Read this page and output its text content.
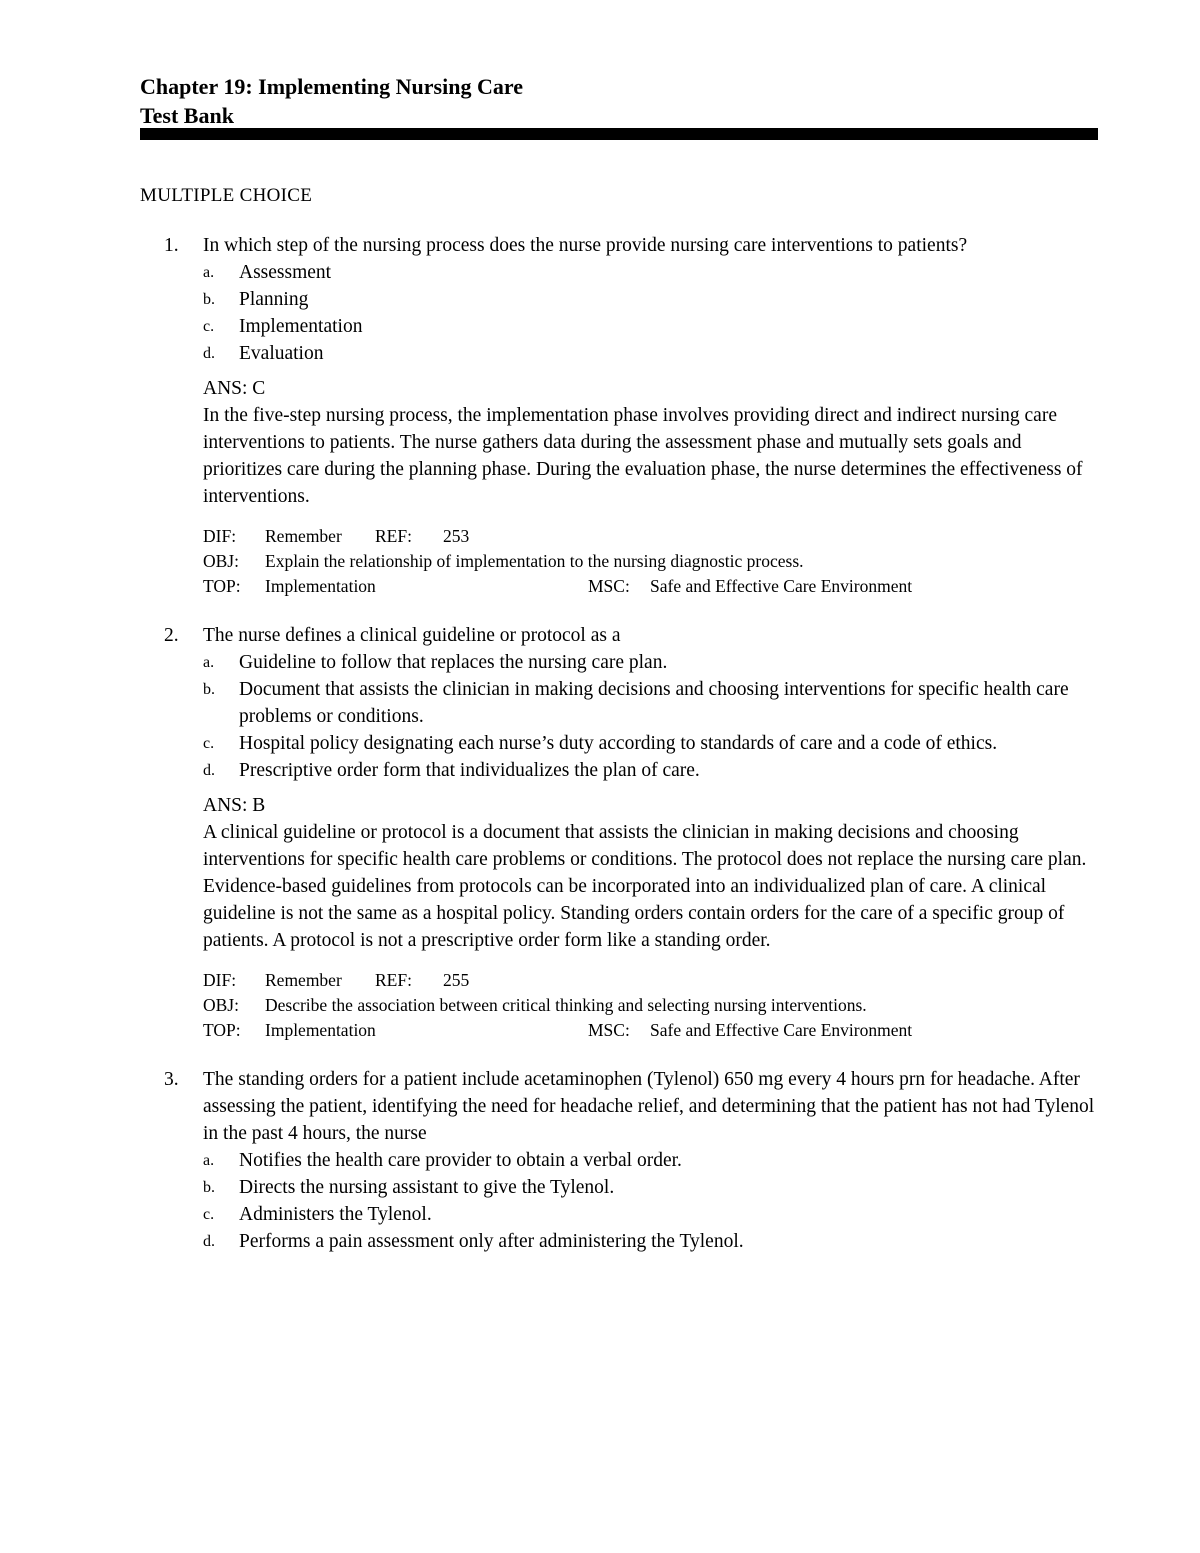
Chapter 19: Implementing Nursing Care
Test Bank
MULTIPLE CHOICE
1.	In which step of the nursing process does the nurse provide nursing care interventions to patients?

a. Assessment
b. Planning
c. Implementation
d. Evaluation

ANS: C

In the five-step nursing process, the implementation phase involves providing direct and indirect nursing care interventions to patients. The nurse gathers data during the assessment phase and mutually sets goals and prioritizes care during the planning phase. During the evaluation phase, the nurse determines the effectiveness of interventions.

DIF:	Remember	REF:	253
OBJ:	Explain the relationship of implementation to the nursing diagnostic process.
TOP:	Implementation	MSC:	Safe and Effective Care Environment
2.	The nurse defines a clinical guideline or protocol as a

a. Guideline to follow that replaces the nursing care plan.
b. Document that assists the clinician in making decisions and choosing interventions for specific health care problems or conditions.
c. Hospital policy designating each nurse’s duty according to standards of care and a code of ethics.
d. Prescriptive order form that individualizes the plan of care.

ANS: B

A clinical guideline or protocol is a document that assists the clinician in making decisions and choosing interventions for specific health care problems or conditions. The protocol does not replace the nursing care plan. Evidence-based guidelines from protocols can be incorporated into an individualized plan of care. A clinical guideline is not the same as a hospital policy. Standing orders contain orders for the care of a specific group of patients. A protocol is not a prescriptive order form like a standing order.

DIF:	Remember	REF:	255
OBJ:	Describe the association between critical thinking and selecting nursing interventions.
TOP:	Implementation	MSC:	Safe and Effective Care Environment
3.	The standing orders for a patient include acetaminophen (Tylenol) 650 mg every 4 hours prn for headache. After assessing the patient, identifying the need for headache relief, and determining that the patient has not had Tylenol in the past 4 hours, the nurse

a. Notifies the health care provider to obtain a verbal order.
b. Directs the nursing assistant to give the Tylenol.
c. Administers the Tylenol.
d. Performs a pain assessment only after administering the Tylenol.
